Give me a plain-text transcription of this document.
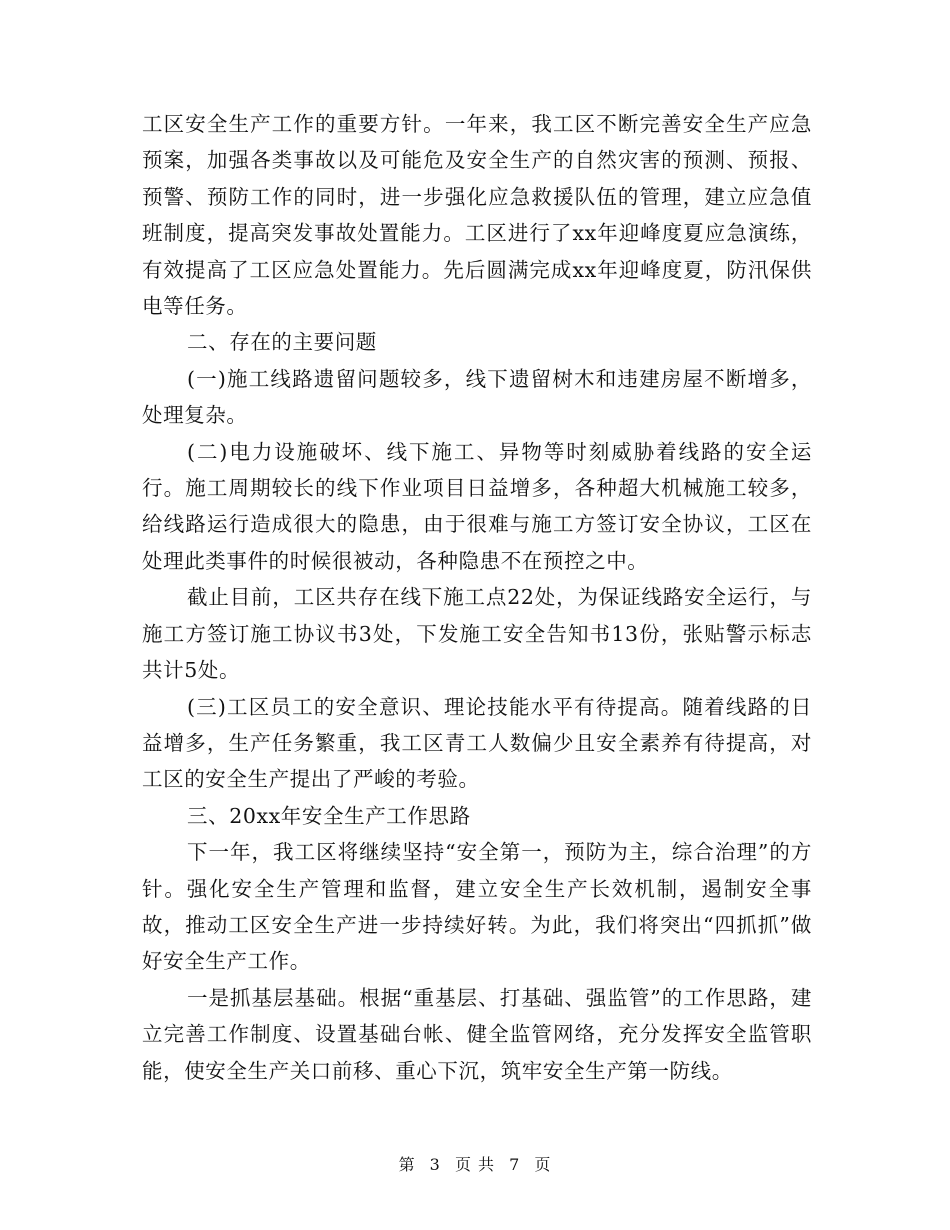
工区安全生产工作的重要方针。一年来，我工区不断完善安全生产应急预案，加强各类事故以及可能危及安全生产的自然灾害的预测、预报、预警、预防工作的同时，进一步强化应急救援队伍的管理，建立应急值班制度，提高突发事故处置能力。工区进行了xx年迎峰度夏应急演练，有效提高了工区应急处置能力。先后圆满完成xx年迎峰度夏，防汛保供电等任务。

二、存在的主要问题

(一)施工线路遗留问题较多，线下遗留树木和违建房屋不断增多，处理复杂。

(二)电力设施破坏、线下施工、异物等时刻威胁着线路的安全运行。施工周期较长的线下作业项目日益增多，各种超大机械施工较多，给线路运行造成很大的隐患，由于很难与施工方签订安全协议，工区在处理此类事件的时候很被动，各种隐患不在预控之中。

截止目前，工区共存在线下施工点22处，为保证线路安全运行，与施工方签订施工协议书3处，下发施工安全告知书13份，张贴警示标志共计5处。

(三)工区员工的安全意识、理论技能水平有待提高。随着线路的日益增多，生产任务繁重，我工区青工人数偏少且安全素养有待提高，对工区的安全生产提出了严峻的考验。

三、20xx年安全生产工作思路

下一年，我工区将继续坚持“安全第一，预防为主，综合治理”的方针。强化安全生产管理和监督，建立安全生产长效机制，遏制安全事故，推动工区安全生产进一步持续好转。为此，我们将突出“四抓抓”做好安全生产工作。

一是抓基层基础。根据“重基层、打基础、强监管”的工作思路，建立完善工作制度、设置基础台帐、健全监管网络，充分发挥安全监管职能，使安全生产关口前移、重心下沉，筑牢安全生产第一防线。

第 3 页 共 7 页
